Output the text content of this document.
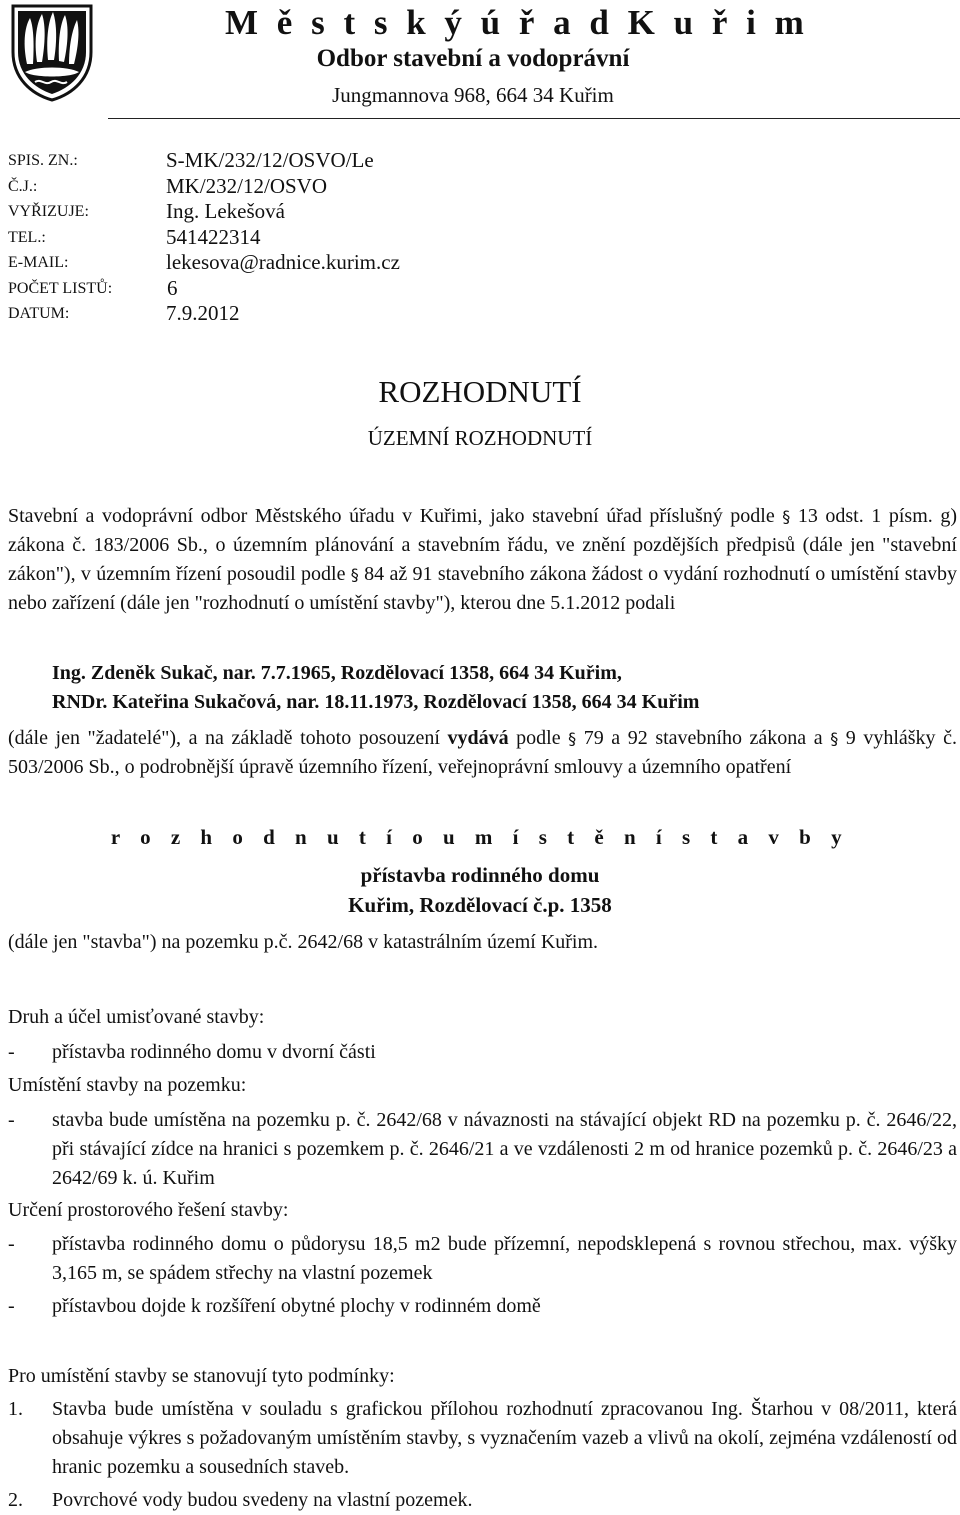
M ě s t s k ý ú ř a d K u ř i m
Odbor stavební a vodoprávní
Jungmannova 968, 664 34 Kuřim
SPIS. ZN.:	S-MK/232/12/OSVO/Le
Č.J.:	MK/232/12/OSVO
VYŘIZUJE:	Ing. Lekešová
TEL.:	541422314
E-MAIL:	lekesova@radnice.kurim.cz
POČET LISTŮ:	6
DATUM:	7.9.2012
ROZHODNUTÍ
ÚZEMNÍ ROZHODNUTÍ
Stavební a vodoprávní odbor Městského úřadu v Kuřimi, jako stavební úřad příslušný podle § 13 odst. 1 písm. g) zákona č. 183/2006 Sb., o územním plánování a stavebním řádu, ve znění pozdějších předpisů (dále jen "stavební zákon"), v územním řízení posoudil podle § 84 až 91 stavebního zákona žádost o vydání rozhodnutí o umístění stavby nebo zařízení (dále jen "rozhodnutí o umístění stavby"), kterou dne 5.1.2012 podali
Ing. Zdeněk Sukač, nar. 7.7.1965, Rozdělovací 1358, 664 34 Kuřim,
RNDr. Kateřina Sukačová, nar. 18.11.1973, Rozdělovací 1358, 664 34 Kuřim
(dále jen "žadatelé"), a na základě tohoto posouzení vydává podle § 79 a 92 stavebního zákona a § 9 vyhlášky č. 503/2006 Sb., o podrobnější úpravě územního řízení, veřejnoprávní smlouvy a územního opatření
r o z h o d n u t í o u m í s t ě n í s t a v b y
přístavba rodinného domu
Kuřim, Rozdělovací č.p. 1358
(dále jen "stavba") na pozemku p.č. 2642/68 v katastrálním území Kuřim.
Druh a účel umisťované stavby:
- přístavba rodinného domu v dvorní části
Umístění stavby na pozemku:
- stavba bude umístěna na pozemku p. č. 2642/68 v návaznosti na stávající objekt RD na pozemku p. č. 2646/22, při stávající zídce na hranici s pozemkem p. č. 2646/21 a ve vzdálenosti 2 m od hranice pozemků p. č. 2646/23 a 2642/69 k. ú. Kuřim
Určení prostorového řešení stavby:
- přístavba rodinného domu o půdorysu 18,5 m2 bude přízemní, nepodsklepená s rovnou střechou, max. výšky 3,165 m, se spádem střechy na vlastní pozemek
- přístavbou dojde k rozšíření obytné plochy v rodinném domě
Pro umístění stavby se stanovují tyto podmínky:
1. Stavba bude umístěna v souladu s grafickou přílohou rozhodnutí zpracovanou Ing. Štarhou v 08/2011, která obsahuje výkres s požadovaným umístěním stavby, s vyznačením vazeb a vlivů na okolí, zejména vzdáleností od hranic pozemku a sousedních staveb.
2. Povrchové vody budou svedeny na vlastní pozemek.
